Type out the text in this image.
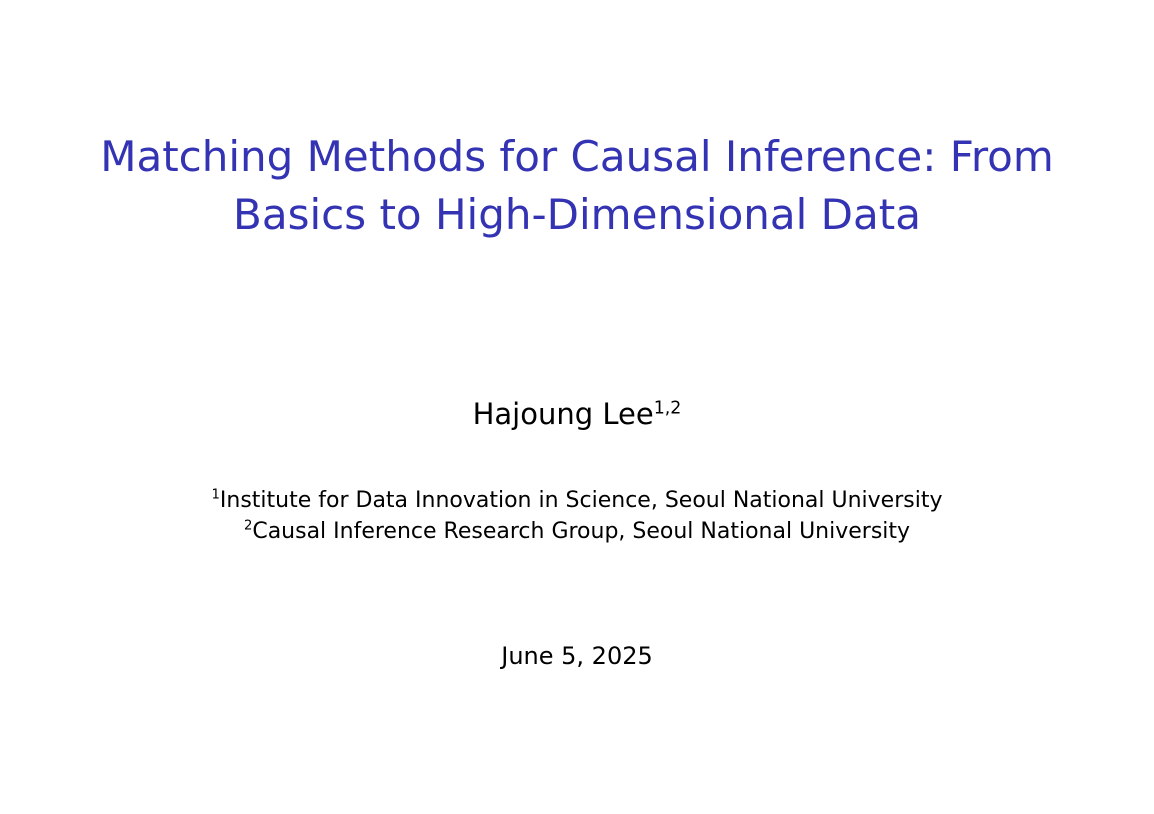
Matching Methods for Causal Inference: From
Basics to High-Dimensional Data
Hajoung Lee$^{1,2}$
$^1$Institute for Data Innovation in Science, Seoul National University
$^2$Causal Inference Research Group, Seoul National University
June 5, 2025
